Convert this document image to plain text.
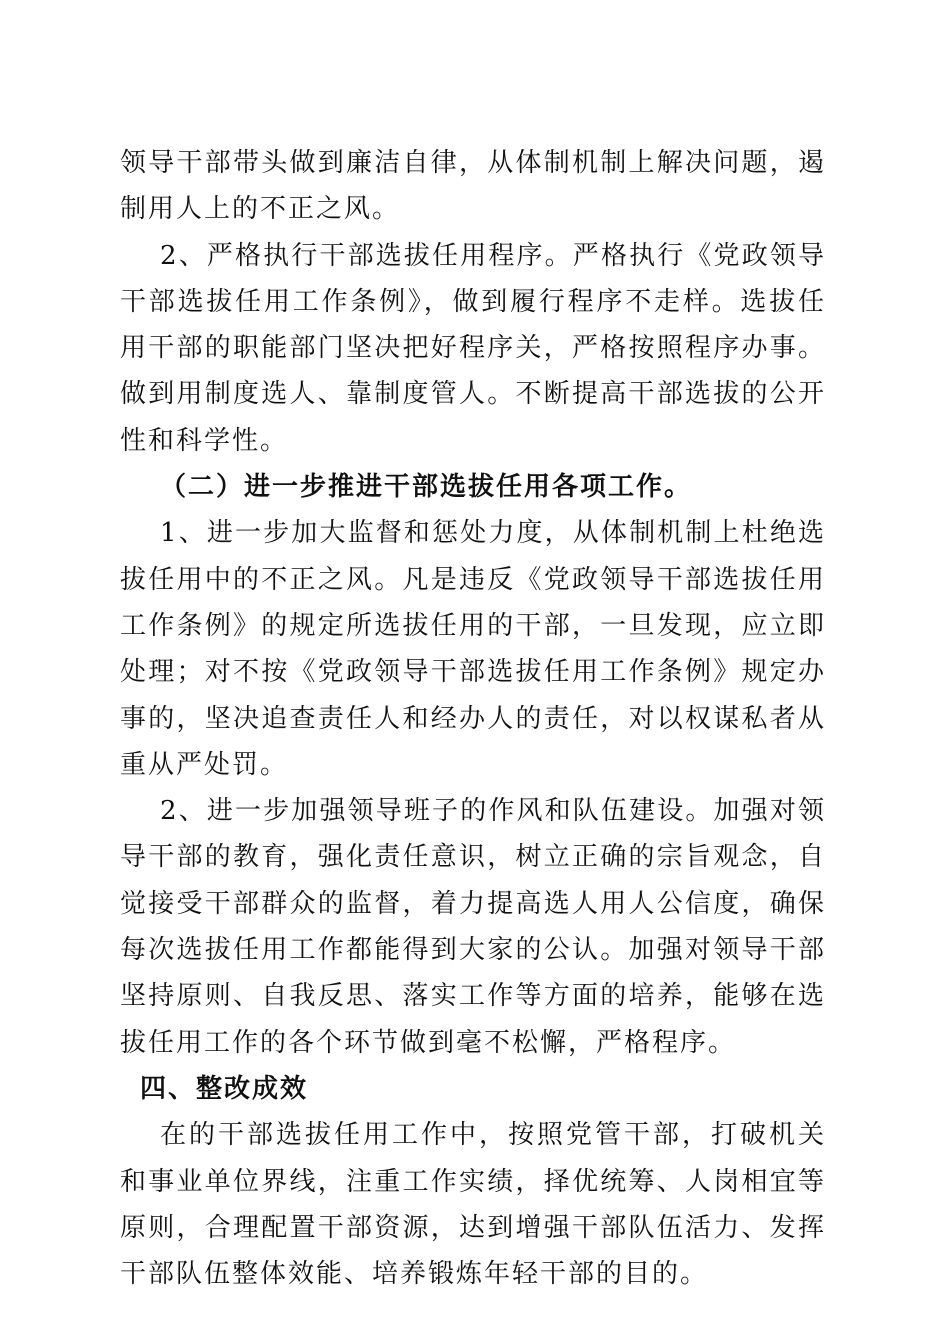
领导干部带头做到廉洁自律，从体制机制上解决问题，遏制用人上的不正之风。

2、严格执行干部选拔任用程序。严格执行《党政领导干部选拔任用工作条例》，做到履行程序不走样。选拔任用干部的职能部门坚决把好程序关，严格按照程序办事。做到用制度选人、靠制度管人。不断提高干部选拔的公开性和科学性。

（二）进一步推进干部选拔任用各项工作。

1、进一步加大监督和惩处力度，从体制机制上杜绝选拔任用中的不正之风。凡是违反《党政领导干部选拔任用工作条例》的规定所选拔任用的干部，一旦发现，应立即处理；对不按《党政领导干部选拔任用工作条例》规定办事的，坚决追查责任人和经办人的责任，对以权谋私者从重从严处罚。

2、进一步加强领导班子的作风和队伍建设。加强对领导干部的教育，强化责任意识，树立正确的宗旨观念，自觉接受干部群众的监督，着力提高选人用人公信度，确保每次选拔任用工作都能得到大家的公认。加强对领导干部坚持原则、自我反思、落实工作等方面的培养，能够在选拔任用工作的各个环节做到毫不松懈，严格程序。

四、整改成效

在的干部选拔任用工作中，按照党管干部，打破机关和事业单位界线，注重工作实绩，择优统筹、人岗相宜等原则，合理配置干部资源，达到增强干部队伍活力、发挥干部队伍整体效能、培养锻炼年轻干部的目的。
